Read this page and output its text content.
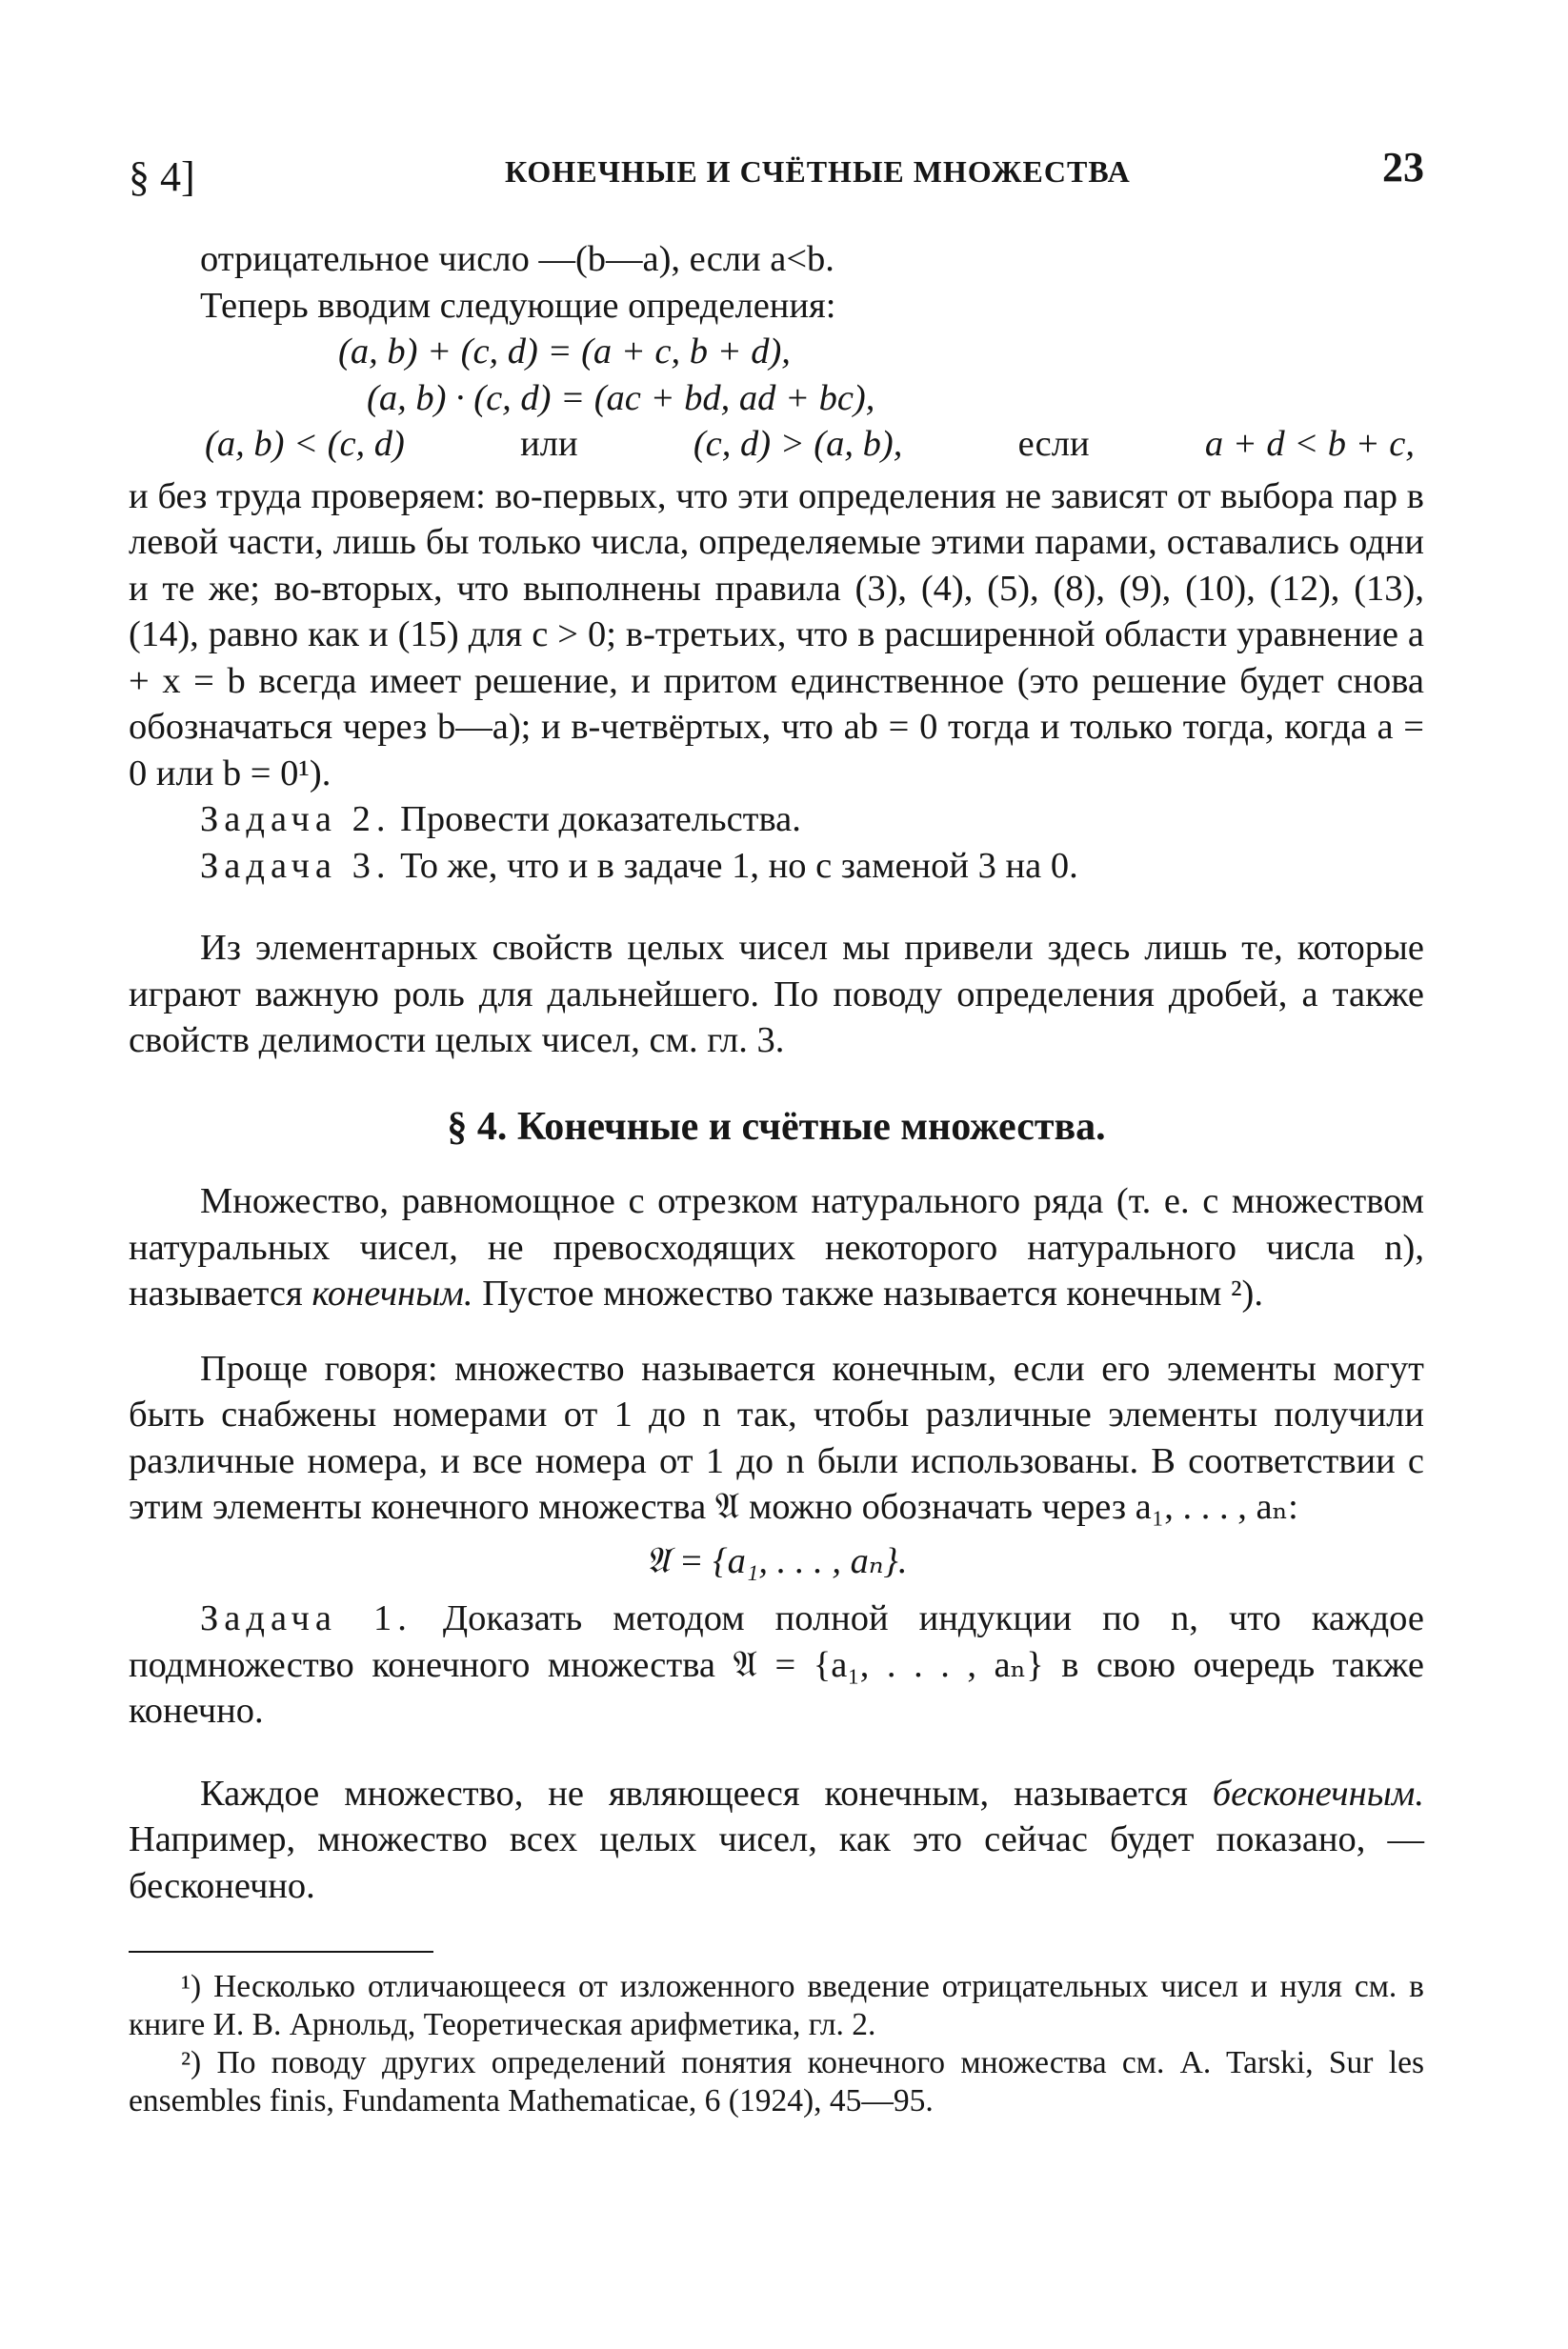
§ 4]	КОНЕЧНЫЕ И СЧЁТНЫЕ МНОЖЕСТВА	23

отрицательное число —(b—a), если a<b.

Теперь вводим следующие определения:

(a, b) + (c, d) = (a + c, b + d),

(a, b) · (c, d) = (ac + bd, ad + bc),

(a, b) < (c, d)	или	(c, d) > (a, b),	если	a + d < b + c,

и без труда проверяем: во-первых, что эти определения не зависят от выбора пар в левой части, лишь бы только числа, определяемые этими парами, оставались одни и те же; во-вторых, что выполнены правила (3), (4), (5), (8), (9), (10), (12), (13), (14), равно как и (15) для c > 0; в-третьих, что в расширенной области уравнение a + x = b всегда имеет решение, и притом единственное (это решение будет снова обозначаться через b—a); и в-четвёртых, что ab = 0 тогда и только тогда, когда a = 0 или b = 0¹).

Задача 2. Провести доказательства.

Задача 3. То же, что и в задаче 1, но с заменой 3 на 0.

Из элементарных свойств целых чисел мы привели здесь лишь те, которые играют важную роль для дальнейшего. По поводу определения дробей, а также свойств делимости целых чисел, см. гл. 3.

§ 4. Конечные и счётные множества.

Множество, равномощное с отрезком натурального ряда (т. е. с множеством натуральных чисел, не превосходящих некоторого натурального числа n), называется конечным. Пустое множество также называется конечным ²).

Проще говоря: множество называется конечным, если его элементы могут быть снабжены номерами от 1 до n так, чтобы различные элементы получили различные номера, и все номера от 1 до n были использованы. В соответствии с этим элементы конечного множества 𝔄 можно обозначать через a₁, . . . , aₙ:

𝔄 = {a₁, . . . , aₙ}.

Задача 1. Доказать методом полной индукции по n, что каждое подмножество конечного множества 𝔄 = {a₁, . . . , aₙ} в свою очередь также конечно.

Каждое множество, не являющееся конечным, называется бесконечным. Например, множество всех целых чисел, как это сейчас будет показано, — бесконечно.

¹) Несколько отличающееся от изложенного введение отрицательных чисел и нуля см. в книге И. В. Арнольд, Теоретическая арифметика, гл. 2.

²) По поводу других определений понятия конечного множества см. A. Tarski, Sur les ensembles finis, Fundamenta Mathematicae, 6 (1924), 45—95.
